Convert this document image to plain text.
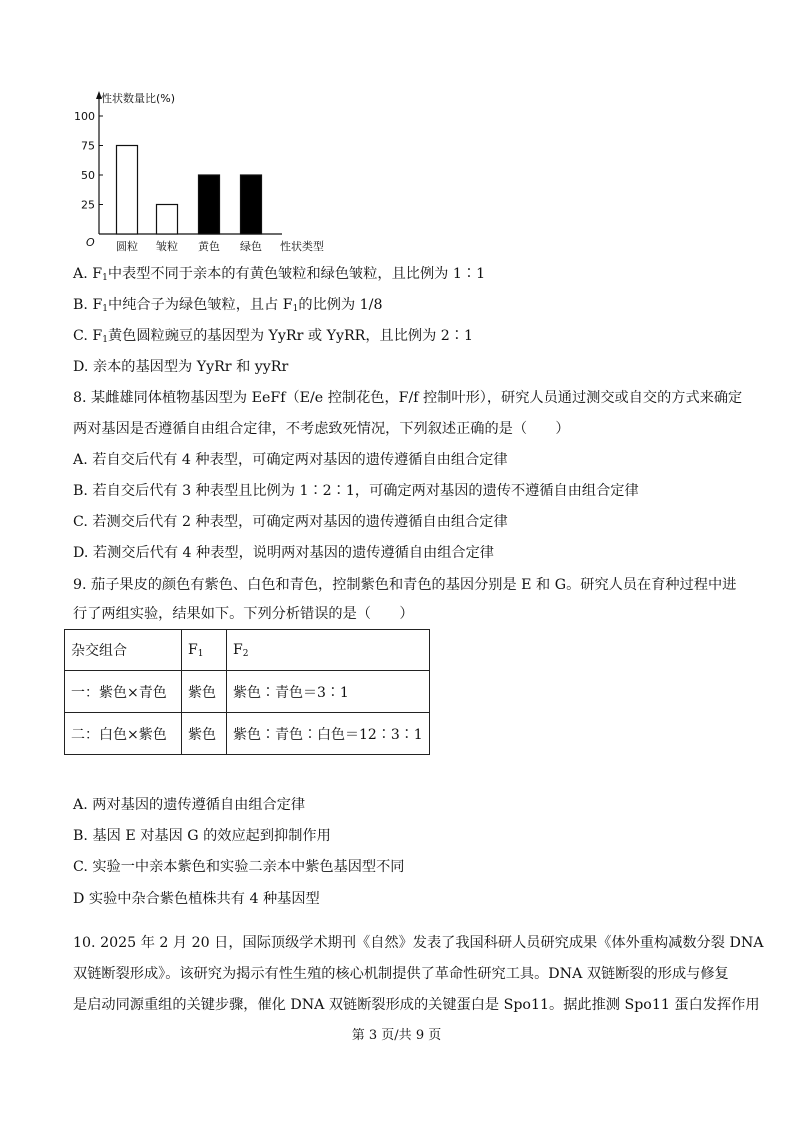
性状数量比(%)
100
75
50
25
O 圆粒 皱粒 黄色 绿色 性状类型
A. $F_1$中表型不同于亲本的有黄色皱粒和绿色皱粒，且比例为 1∶1
B. $F_1$中纯合子为绿色皱粒，且占 $F_1$的比例为 1/8
C. $F_1$黄色圆粒豌豆的基因型为 YyRr 或 YyRR，且比例为 2∶1
D. 亲本的基因型为 YyRr 和 yyRr
8. 某雌雄同体植物基因型为 EeFf（E/e 控制花色，F/f 控制叶形），研究人员通过测交或自交的方式来确定
两对基因是否遵循自由组合定律，不考虑致死情况，下列叙述正确的是（　　）
A. 若自交后代有 4 种表型，可确定两对基因的遗传遵循自由组合定律
B. 若自交后代有 3 种表型且比例为 1∶2∶1，可确定两对基因的遗传不遵循自由组合定律
C. 若测交后代有 2 种表型，可确定两对基因的遗传遵循自由组合定律
D. 若测交后代有 4 种表型，说明两对基因的遗传遵循自由组合定律
9. 茄子果皮的颜色有紫色、白色和青色，控制紫色和青色的基因分别是 E 和 G。研究人员在育种过程中进
行了两组实验，结果如下。下列分析错误的是（　　）
杂交组合	$F_1$	$F_2$
一：紫色×青色	紫色	紫色∶青色＝3∶1
二：白色×紫色	紫色	紫色∶青色∶白色＝12∶3∶1
A. 两对基因的遗传遵循自由组合定律
B. 基因 E 对基因 G 的效应起到抑制作用
C. 实验一中亲本紫色和实验二亲本中紫色基因型不同
D 实验中杂合紫色植株共有 4 种基因型
10. 2025 年 2 月 20 日，国际顶级学术期刊《自然》发表了我国科研人员研究成果《体外重构减数分裂 DNA
双链断裂形成》。该研究为揭示有性生殖的核心机制提供了革命性研究工具。DNA 双链断裂的形成与修复
是启动同源重组的关键步骤，催化 DNA 双链断裂形成的关键蛋白是 Spo11。据此推测 Spo11 蛋白发挥作用
第 3 页/共 9 页
